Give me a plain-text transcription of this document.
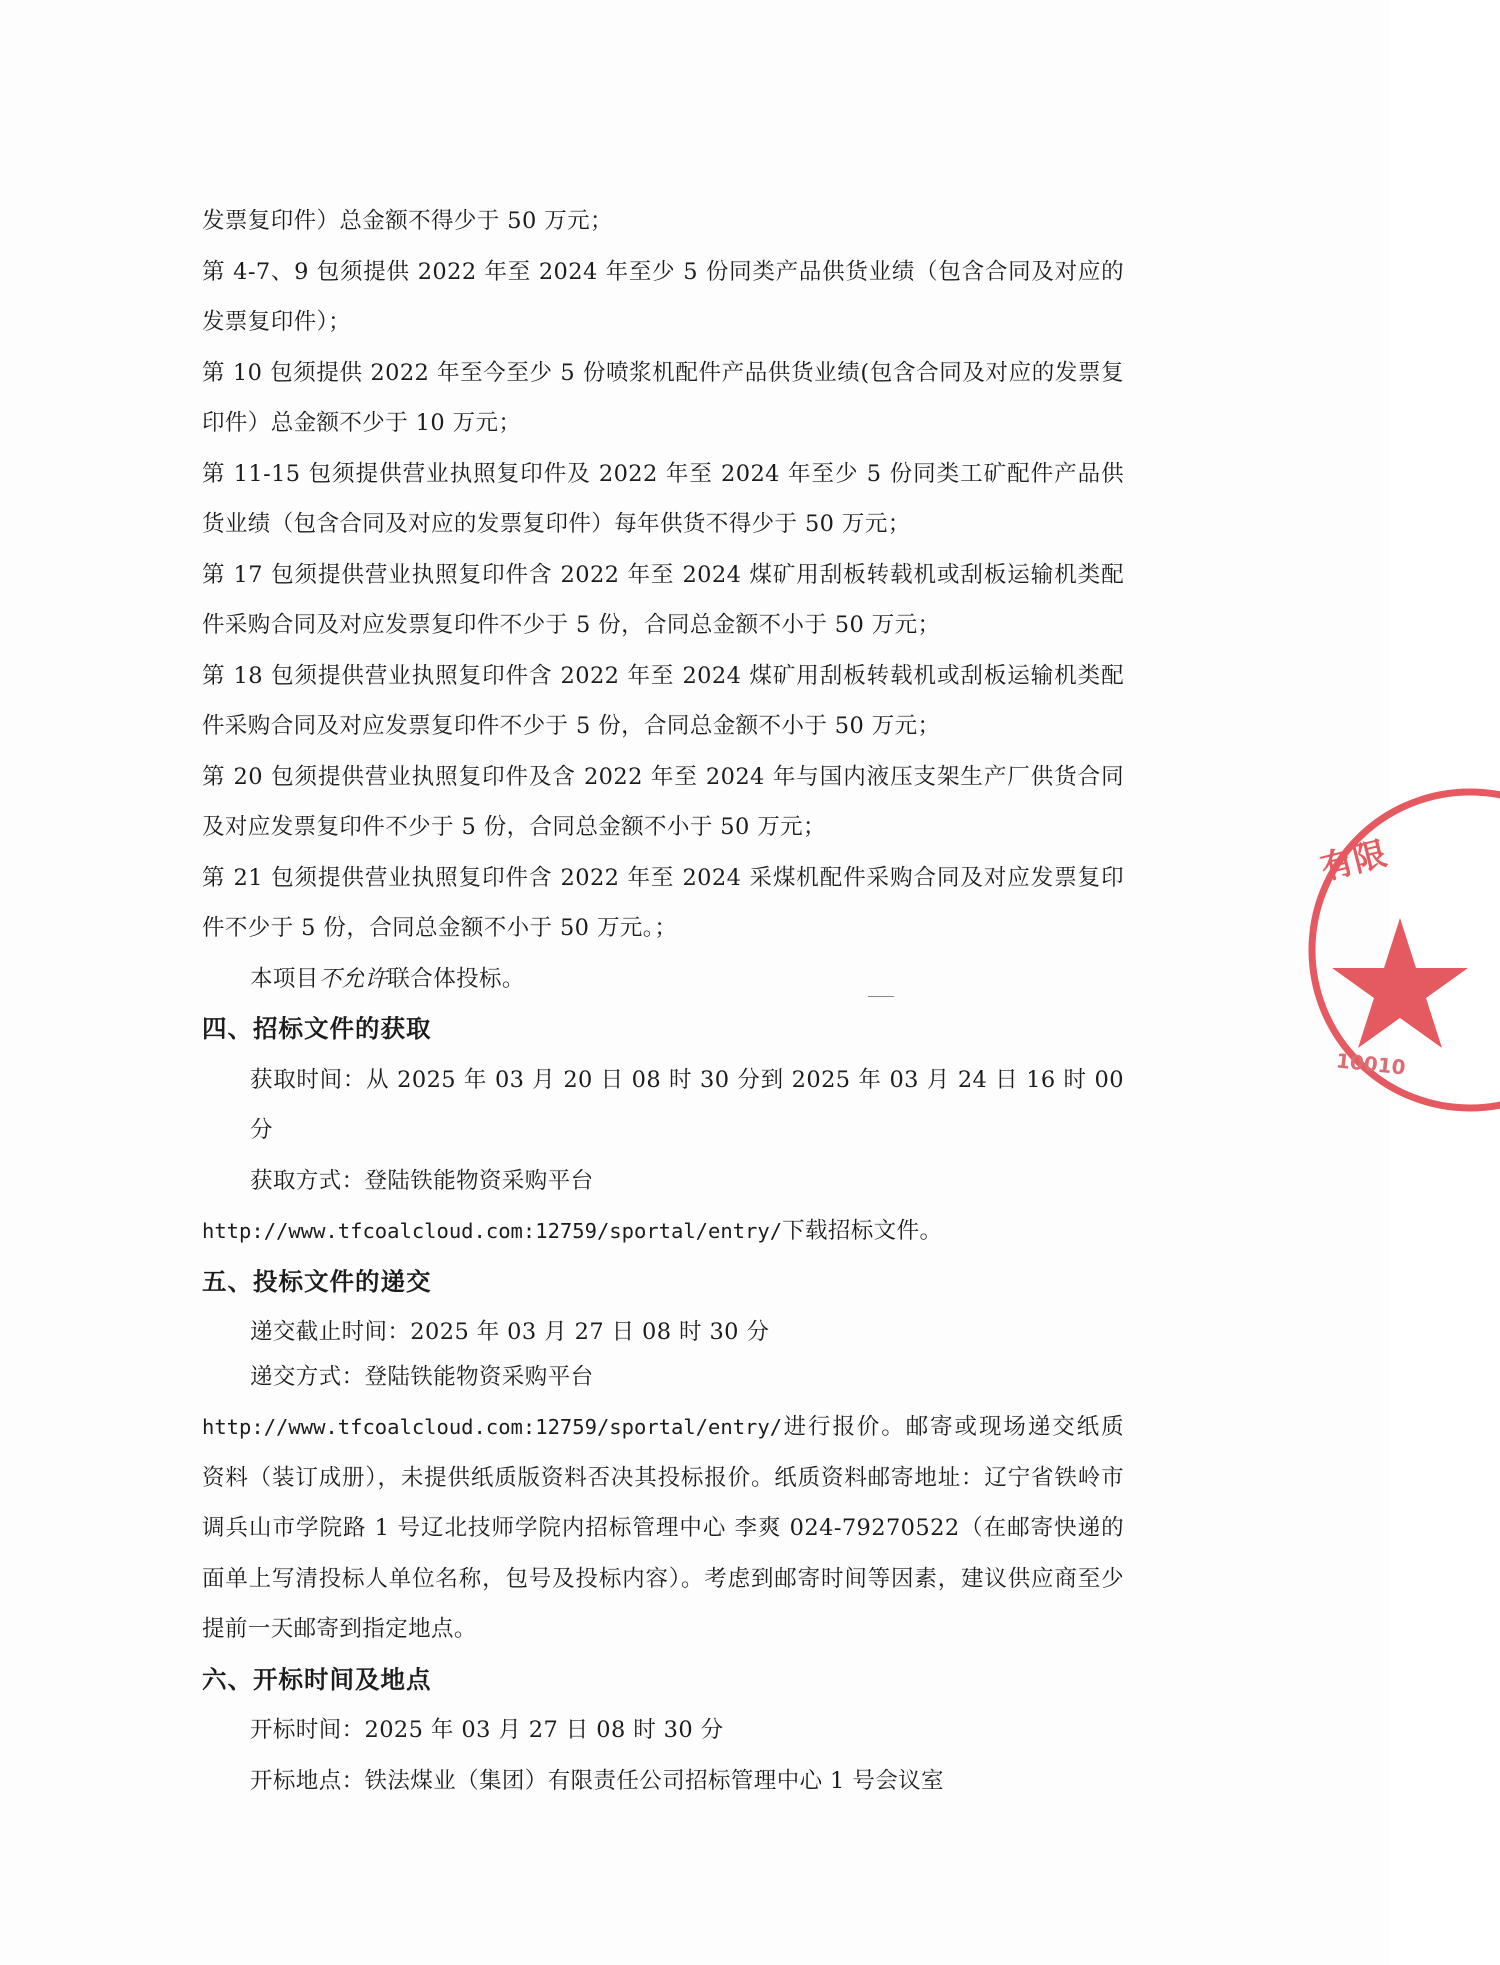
发票复印件）总金额不得少于 50 万元；

第 4-7、9 包须提供 2022 年至 2024 年至少 5 份同类产品供货业绩（包含合同及对应的发票复印件）；

第 10 包须提供 2022 年至今至少 5 份喷浆机配件产品供货业绩(包含合同及对应的发票复印件）总金额不少于 10 万元；

第 11-15 包须提供营业执照复印件及 2022 年至 2024 年至少 5 份同类工矿配件产品供货业绩（包含合同及对应的发票复印件）每年供货不得少于 50 万元；

第 17 包须提供营业执照复印件含 2022 年至 2024 煤矿用刮板转载机或刮板运输机类配件采购合同及对应发票复印件不少于 5 份，合同总金额不小于 50 万元；

第 18 包须提供营业执照复印件含 2022 年至 2024 煤矿用刮板转载机或刮板运输机类配件采购合同及对应发票复印件不少于 5 份，合同总金额不小于 50 万元；

第 20 包须提供营业执照复印件及含 2022 年至 2024 年与国内液压支架生产厂供货合同及对应发票复印件不少于 5 份，合同总金额不小于 50 万元；

第 21 包须提供营业执照复印件含 2022 年至 2024 采煤机配件采购合同及对应发票复印件不少于 5 份，合同总金额不小于 50 万元。；

本项目不允许联合体投标。

四、招标文件的获取

获取时间：从 2025 年 03 月 20 日 08 时 30 分到 2025 年 03 月 24 日 16 时 00 分

获取方式：登陆铁能物资采购平台

http://www.tfcoalcloud.com:12759/sportal/entry/下载招标文件。

五、投标文件的递交

递交截止时间：2025 年 03 月 27 日 08 时 30 分

递交方式：登陆铁能物资采购平台

http://www.tfcoalcloud.com:12759/sportal/entry/进行报价。邮寄或现场递交纸质资料（装订成册），未提供纸质版资料否决其投标报价。纸质资料邮寄地址：辽宁省铁岭市调兵山市学院路 1 号辽北技师学院内招标管理中心 李爽 024-79270522（在邮寄快递的面单上写清投标人单位名称，包号及投标内容）。考虑到邮寄时间等因素，建议供应商至少提前一天邮寄到指定地点。

六、开标时间及地点

开标时间：2025 年 03 月 27 日 08 时 30 分

开标地点：铁法煤业（集团）有限责任公司招标管理中心 1 号会议室

有限
10010
